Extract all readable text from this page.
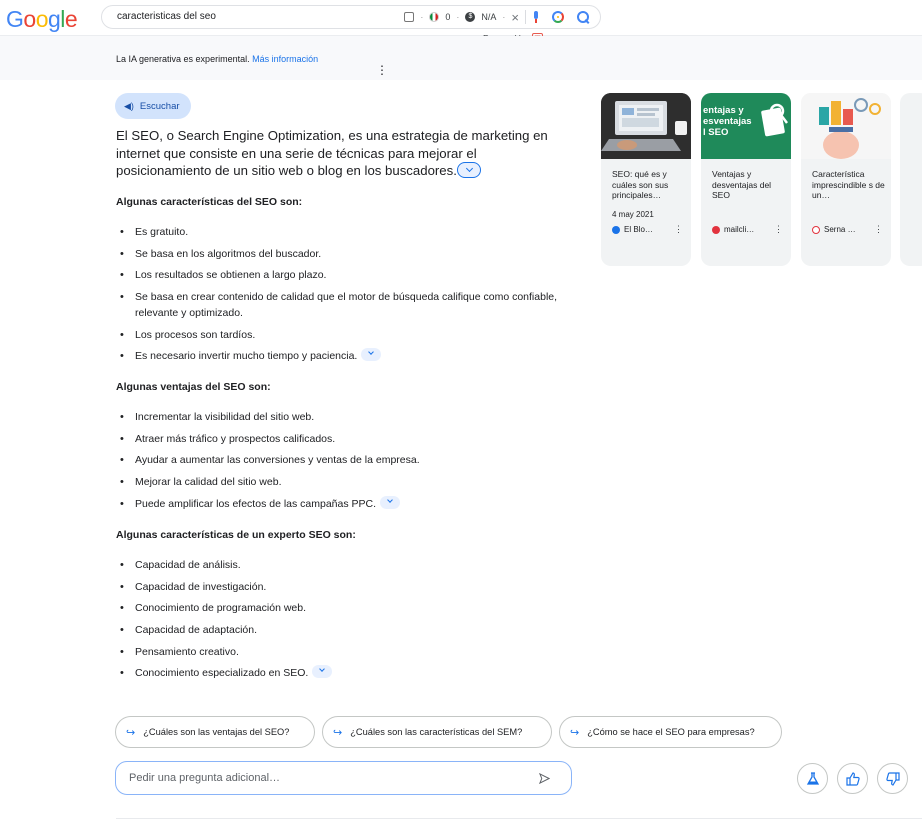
Google	caracteristicas del seo	· 0 ·	$	N/A · ×
La IA generativa es experimental. Más información
⋮
◀) Escuchar
El SEO, o Search Engine Optimization, es una estrategia de marketing en internet que consiste en una serie de técnicas para mejorar el posicionamiento de un sitio web o blog en los buscadores.
Algunas características del SEO son:
• Es gratuito.
• Se basa en los algoritmos del buscador.
• Los resultados se obtienen a largo plazo.
• Se basa en crear contenido de calidad que el motor de búsqueda califique como confiable, relevante y optimizado.
• Los procesos son tardíos.
• Es necesario invertir mucho tiempo y paciencia.
Algunas ventajas del SEO son:
• Incrementar la visibilidad del sitio web.
• Atraer más tráfico y prospectos calificados.
• Ayudar a aumentar las conversiones y ventas de la empresa.
• Mejorar la calidad del sitio web.
• Puede amplificar los efectos de las campañas PPC.
Algunas características de un experto SEO son:
• Capacidad de análisis.
• Capacidad de investigación.
• Conocimiento de programación web.
• Capacidad de adaptación.
• Pensamiento creativo.
• Conocimiento especializado en SEO.
SEO: qué es y cuáles son sus principales…
4 may 2021
El Blo… ⋮
entajas y
esventajas
l SEO
Ventajas y desventajas del SEO
mailcli… ⋮
Característica imprescindible s de un…
Serna … ⋮
↪ ¿Cuáles son las ventajas del SEO?	↪ ¿Cuáles son las características del SEM?	↪ ¿Cómo se hace el SEO para empresas?
Pedir una pregunta adicional…
